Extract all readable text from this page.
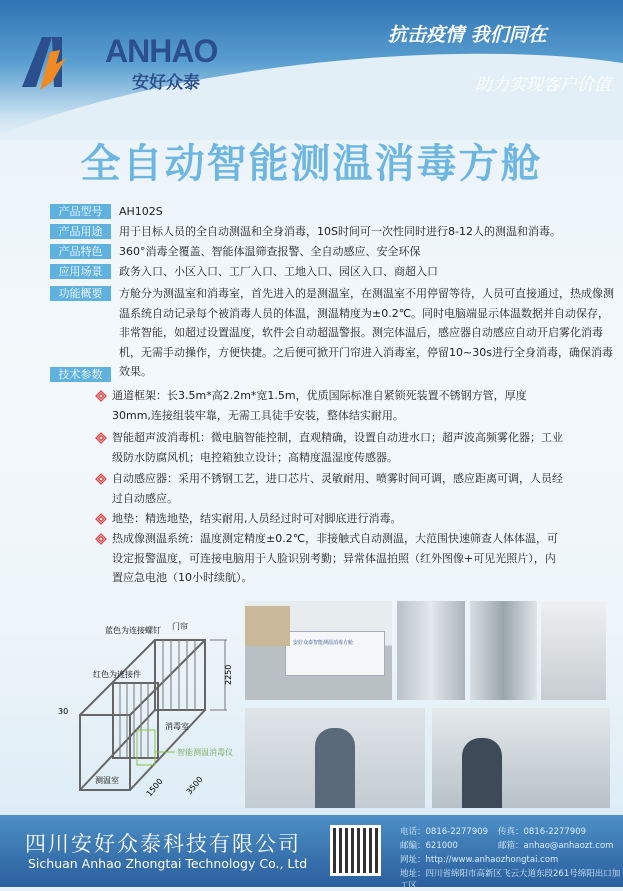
ANHAO
安好众泰
抗击疫情 我们同在
助力实现客户价值
全自动智能测温消毒方舱
产品型号	AH102S
产品用途	用于目标人员的全自动测温和全身消毒，10S时间可一次性同时进行8-12人的测温和消毒。
产品特色	360°消毒全覆盖、智能体温筛查报警、全自动感应、安全环保
应用场景	政务入口、小区入口、工厂入口、工地入口、园区入口、商超入口
功能概要	方舱分为测温室和消毒室，首先进入的是测温室，在测温室不用停留等待，人员可直接通过，热成像测温系统自动记录每个被消毒人员的体温，测温精度为±0.2℃。同时电脑端显示体温数据并自动保存，非常智能，如超过设置温度，软件会自动超温警报。测完体温后，感应器自动感应自动开启雾化消毒机，无需手动操作，方便快捷。之后便可掀开门帘进入消毒室，停留10~30s进行全身消毒，确保消毒效果。
技术参数
通道框架：长3.5m*高2.2m*宽1.5m，优质国际标准自紧锁死装置不锈钢方管，厚度30mm,连接组装牢靠，无需工具徒手安装，整体结实耐用。
智能超声波消毒机：微电脑智能控制，直观精确，设置自动进水口；超声波高频雾化器；工业级防水防腐风机；电控箱独立设计；高精度温湿度传感器。
自动感应器：采用不锈钢工艺，进口芯片、灵敏耐用、喷雾时间可调，感应距离可调，人员经过自动感应。
地垫：精选地垫，结实耐用,人员经过时可对脚底进行消毒。
热成像测温系统：温度测定精度±0.2℃，非接触式自动测温，大范围快速筛查人体体温，可设定报警温度，可连接电脑用于人脸识别考勤；异常体温拍照（红外图像+可见光照片），内置应急电池（10小时续航）。
蓝色为连接螺钉 门帘
红色为连接件	2250
30
消毒室
智能测温消毒仪
测温室	1500	3500
安好众泰智能测温消毒方舱
四川安好众泰科技有限公司
Sichuan Anhao Zhongtai Technology Co., Ltd
电话：0816-2277909 传真：0816-2277909
邮编：621000	邮箱：anhao@anhaozt.com
网址：http://www.anhaozhongtai.com
地址：四川省绵阳市高新区飞云大道东段261号绵阳出口加工区
